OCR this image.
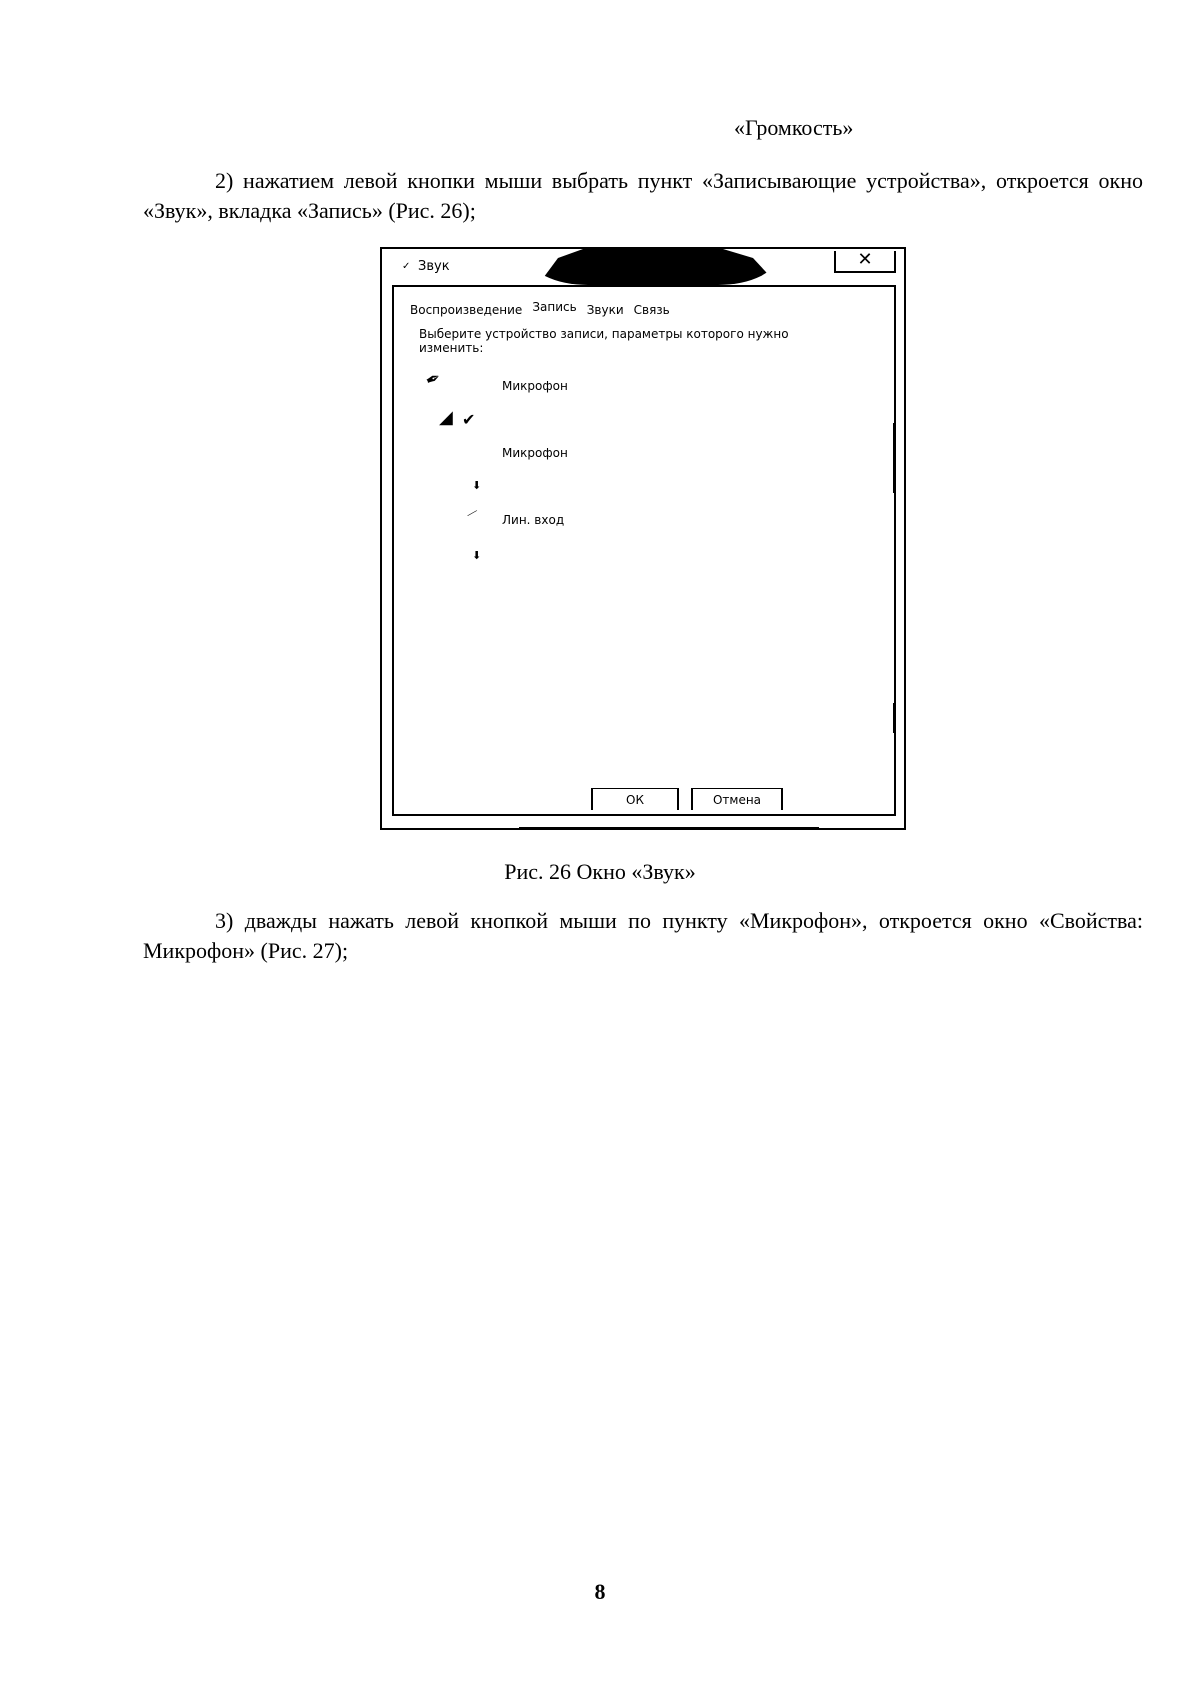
«Громкость»
2) нажатием левой кнопки мыши выбрать пункт «Записывающие устройства», откроется окно «Звук», вкладка «Запись» (Рис. 26);
✓ Звук	✕
Воспроизведение Запись Звуки Связь
Выберите устройство записи, параметры которого нужно изменить:
✒	Микрофон
◢ ✔
Микрофон
⬇
⟋ Лин. вход
⬇
ОК	Отмена
Рис. 26 Окно «Звук»
3) дважды нажать левой кнопкой мыши по пункту «Микрофон», откроется окно «Свойства: Микрофон» (Рис. 27);
8
